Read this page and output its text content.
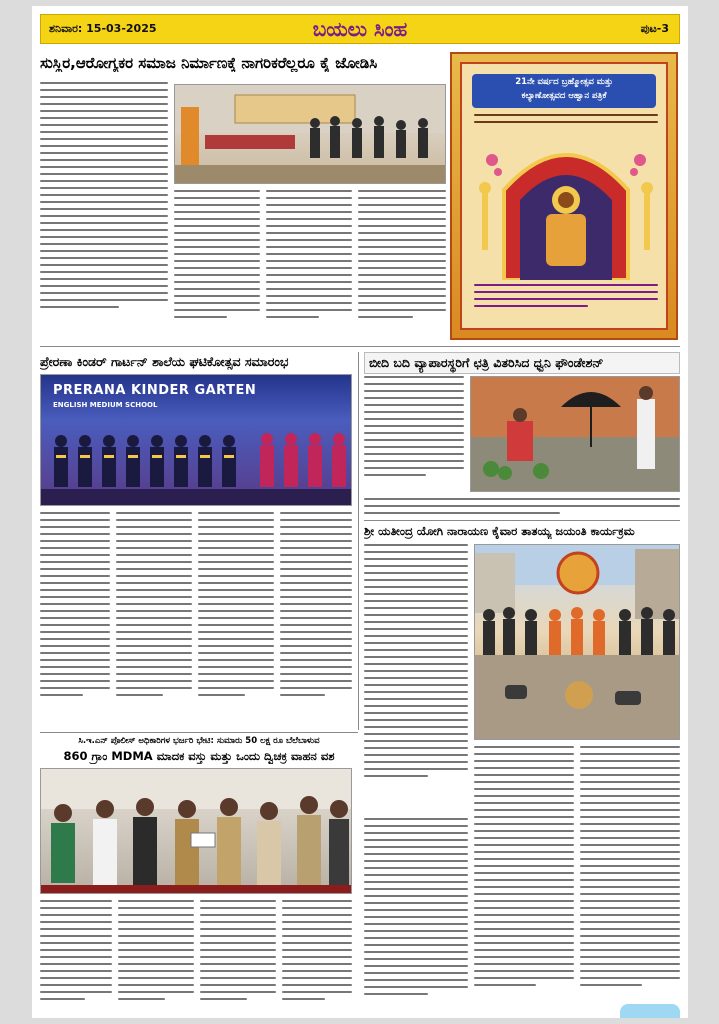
ಶನಿವಾರ: 15-03-2025	ಬಯಲು ಸಿಂಹ	ಪುಟ-3
ಸುಸ್ಥಿರ,ಆರೋಗ್ಯಕರ ಸಮಾಜ ನಿರ್ಮಾಣಕ್ಕೆ ನಾಗರಿಕರೆಲ್ಲರೂ ಕೈ ಜೋಡಿಸಿ
21ನೇ ವರ್ಷದ ಬ್ರಹ್ಮೋತ್ಸವ ಮತ್ತು
ಕಲ್ಯಾಣೋತ್ಸವದ ಆಹ್ವಾನ ಪತ್ರಿಕೆ
ಪ್ರೇರಣಾ ಕಿಂಡರ್ ಗಾರ್ಟನ್ ಶಾಲೆಯ ಘಟಿಕೋತ್ಸವ ಸಮಾರಂಭ
PRERANA KINDER GARTEN
ENGLISH MEDIUM SCHOOL
ಬೀದಿ ಬದಿ ವ್ಯಾಪಾರಸ್ಥರಿಗೆ ಛತ್ರಿ ವಿತರಿಸಿದ ಧ್ವನಿ ಫೌಂಡೇಶನ್
ಶ್ರೀ ಯತೀಂದ್ರ ಯೋಗಿ ನಾರಾಯಣ ಕೈವಾರ ತಾತಯ್ಯ ಜಯಂತಿ ಕಾರ್ಯಕ್ರಮ
ಸಿ.ಇ.ಎನ್ ಪೊಲೀಸ್ ಅಧಿಕಾರಿಗಳ ಭರ್ಜರಿ ಭೇಟಿ: ಸುಮಾರು 50 ಲಕ್ಷ ರೂ ಬೆಲೆಬಾಳುವ
860 ಗ್ರಾಂ MDMA ಮಾದಕ ವಸ್ತು ಮತ್ತು ಒಂದು ದ್ವಿಚಕ್ರ ವಾಹನ ವಶ
